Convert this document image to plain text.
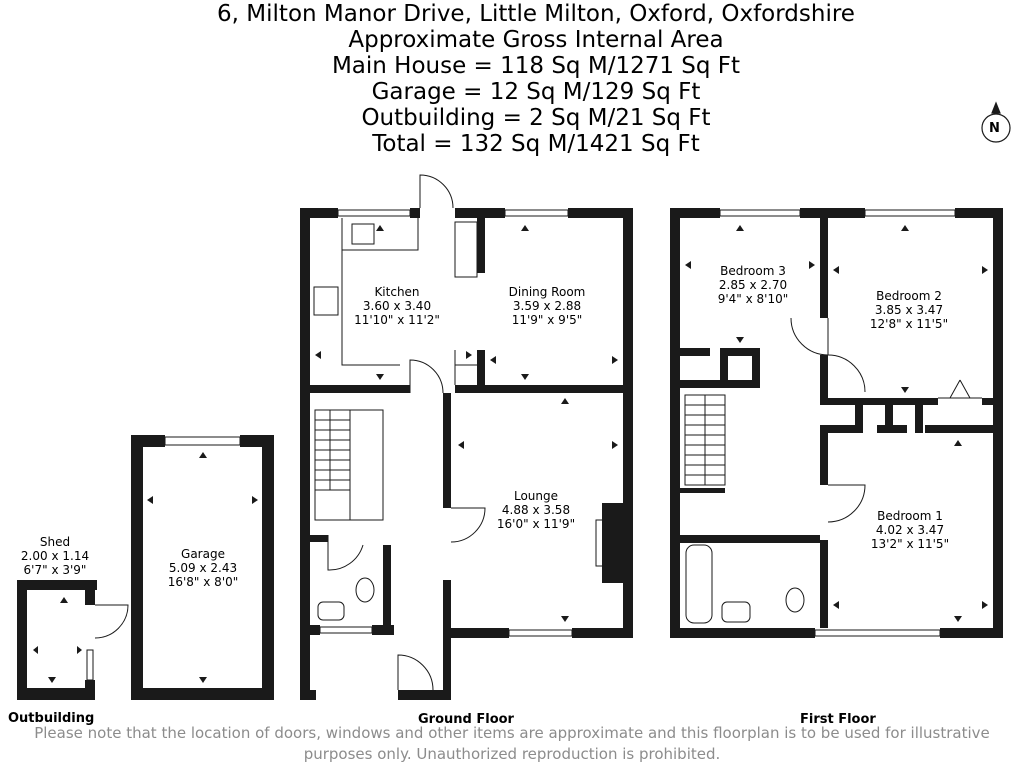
6, Milton Manor Drive, Little Milton, Oxford, Oxfordshire
Approximate Gross Internal Area
Main House = 118 Sq M/1271 Sq Ft
Garage = 12 Sq M/129 Sq Ft
Outbuilding = 2 Sq M/21 Sq Ft
Total = 132 Sq M/1421 Sq Ft
N
Kitchen
3.60 x 3.40
11'10" x 11'2"
Dining Room
3.59 x 2.88
11'9" x 9'5"
Lounge
4.88 x 3.58
16'0" x 11'9"
Garage
5.09 x 2.43
16'8" x 8'0"
Shed
2.00 x 1.14
6'7" x 3'9"
Bedroom 3
2.85 x 2.70
9'4" x 8'10"	Bedroom 2
3.85 x 3.47
12'8" x 11'5"
Bedroom 1
4.02 x 3.47
13'2" x 11'5"
Outbuilding	Ground Floor	First Floor
Please note that the location of doors, windows and other items are approximate and this floorplan is to be used for illustrative
purposes only. Unauthorized reproduction is prohibited.
